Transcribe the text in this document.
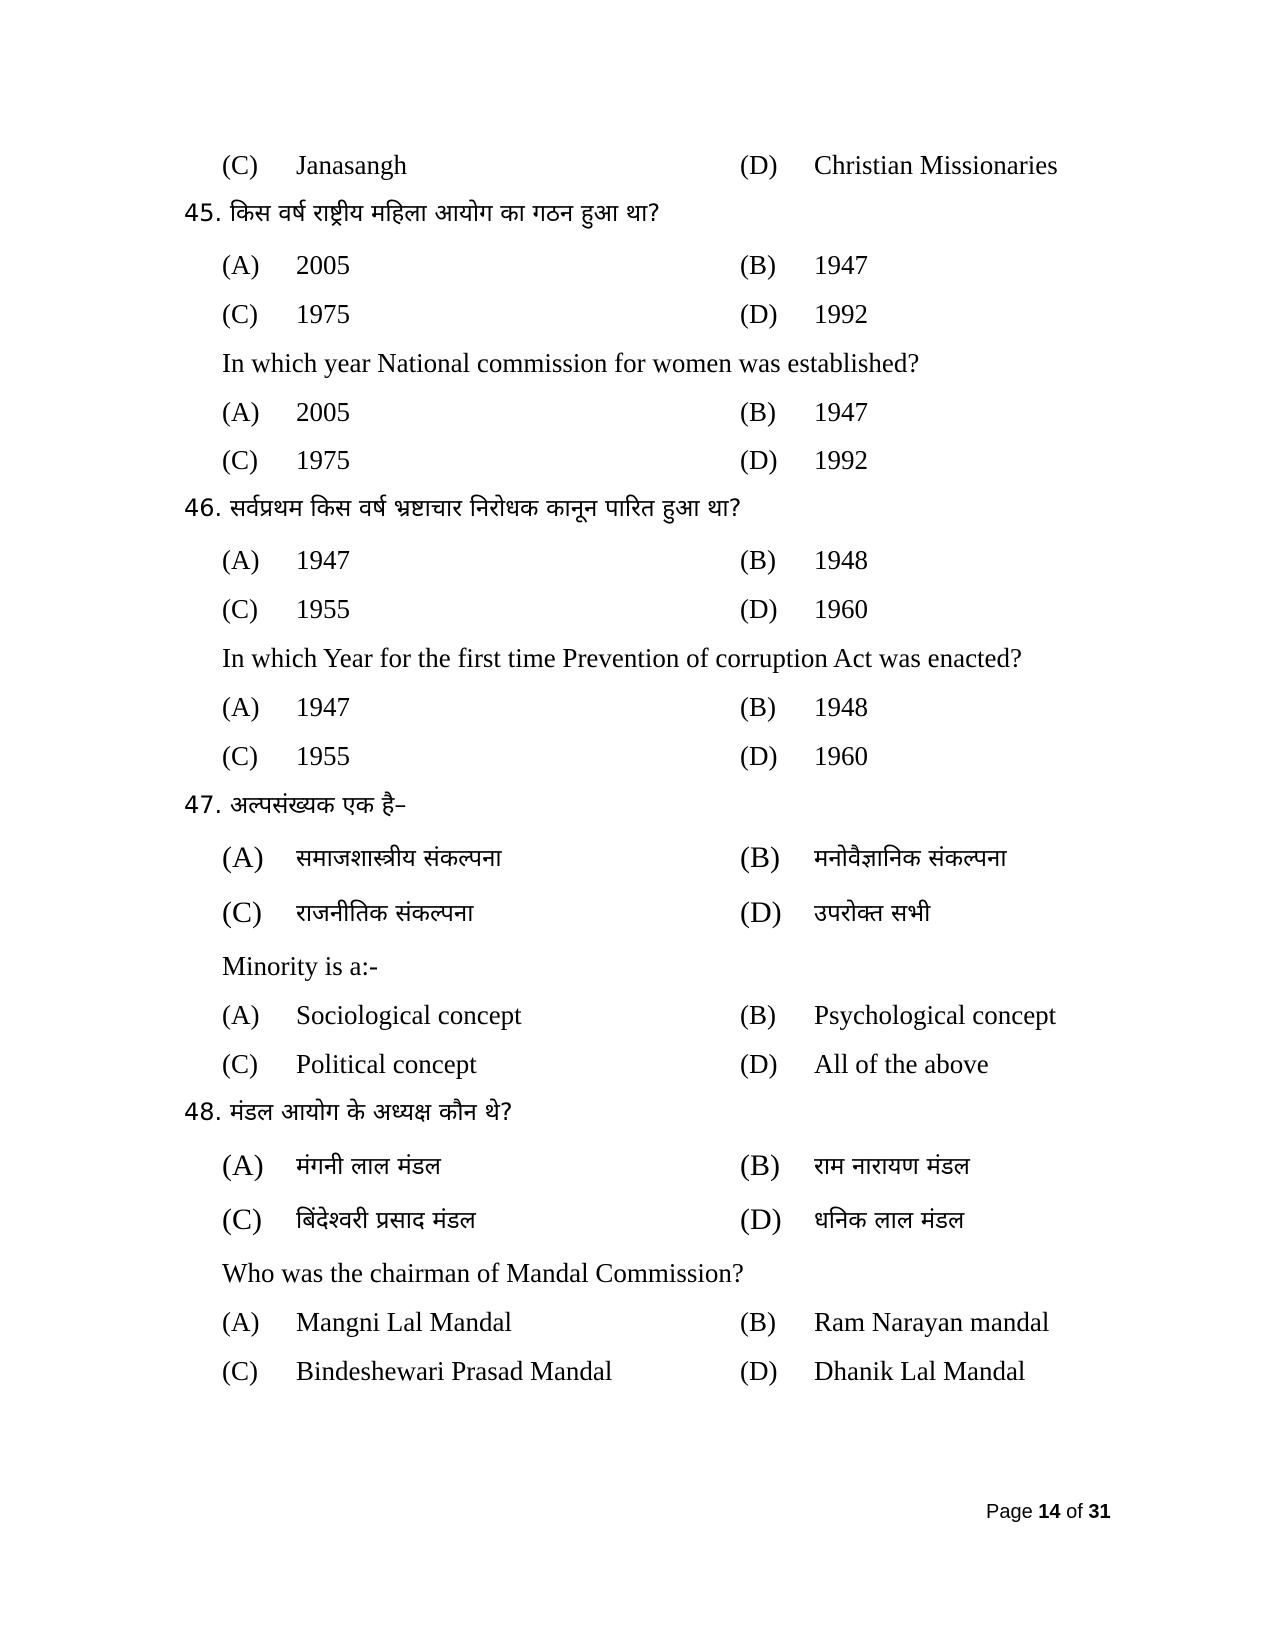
(C) Janasangh	(D) Christian Missionaries
45. किस वर्ष राष्ट्रीय महिला आयोग का गठन हुआ था?
(A) 2005	(B) 1947
(C) 1975	(D) 1992
In which year National commission for women was established?
(A) 2005	(B) 1947
(C) 1975	(D) 1992
46. सर्वप्रथम किस वर्ष भ्रष्टाचार निरोधक कानून पारित हुआ था?
(A) 1947	(B) 1948
(C) 1955	(D) 1960
In which Year for the first time Prevention of corruption Act was enacted?
(A) 1947	(B) 1948
(C) 1955	(D) 1960
47. अल्पसंख्यक एक है–
(A) समाजशास्त्रीय संकल्पना	(B) मनोवैज्ञानिक संकल्पना
(C) राजनीतिक संकल्पना	(D) उपरोक्त सभी
Minority is a:-
(A) Sociological concept	(B) Psychological concept
(C) Political concept	(D) All of the above
48. मंडल आयोग के अध्यक्ष कौन थे?
(A) मंगनी लाल मंडल	(B) राम नारायण मंडल
(C) बिंदेश्वरी प्रसाद मंडल	(D) धनिक लाल मंडल
Who was the chairman of Mandal Commission?
(A) Mangni Lal Mandal	(B) Ram Narayan mandal
(C) Bindeshewari Prasad Mandal	(D) Dhanik Lal Mandal
Page 14 of 31
